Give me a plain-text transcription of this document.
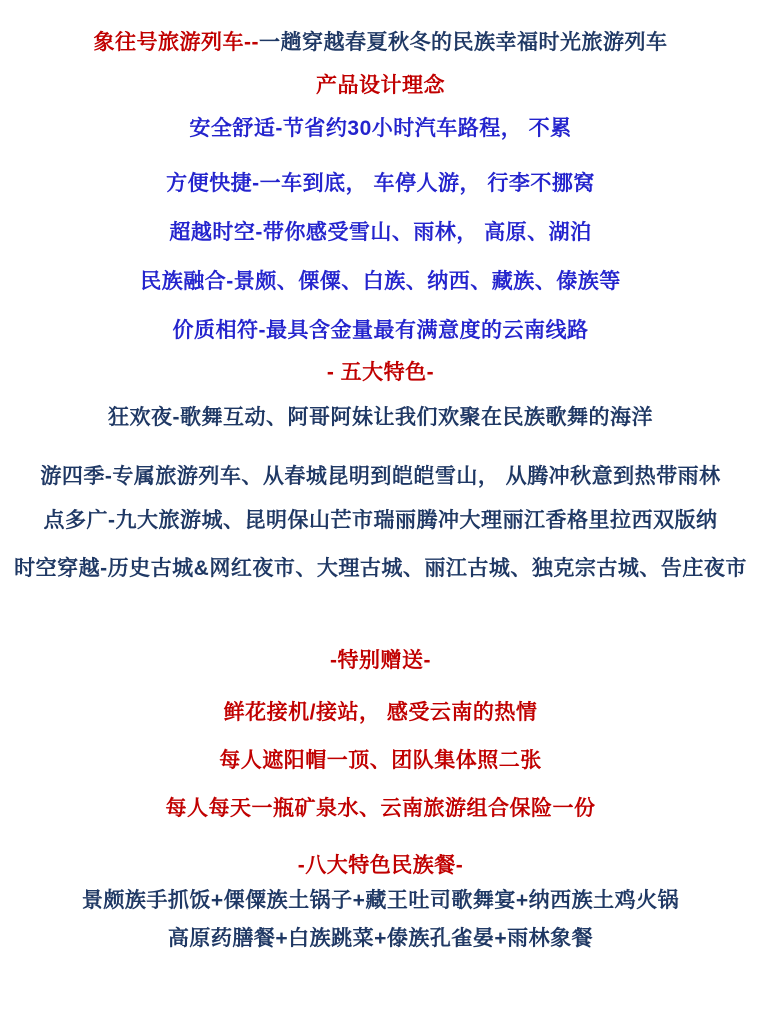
象往号旅游列车--一趟穿越春夏秋冬的民族幸福时光旅游列车
产品设计理念
安全舒适-节省约30小时汽车路程， 不累
方便快捷-一车到底， 车停人游， 行李不挪窝
超越时空-带你感受雪山、雨林， 高原、湖泊
民族融合-景颇、傈僳、白族、纳西、藏族、傣族等
价质相符-最具含金量最有满意度的云南线路
- 五大特色-
狂欢夜-歌舞互动、阿哥阿妹让我们欢聚在民族歌舞的海洋
游四季-专属旅游列车、从春城昆明到皑皑雪山， 从腾冲秋意到热带雨林
点多广-九大旅游城、昆明保山芒市瑞丽腾冲大理丽江香格里拉西双版纳
时空穿越-历史古城&网红夜市、大理古城、丽江古城、独克宗古城、告庄夜市
-特别赠送-
鲜花接机/接站， 感受云南的热情
每人遮阳帽一顶、团队集体照二张
每人每天一瓶矿泉水、云南旅游组合保险一份
-八大特色民族餐-
景颇族手抓饭+傈僳族土锅子+藏王吐司歌舞宴+纳西族土鸡火锅
高原药膳餐+白族跳菜+傣族孔雀晏+雨林象餐
